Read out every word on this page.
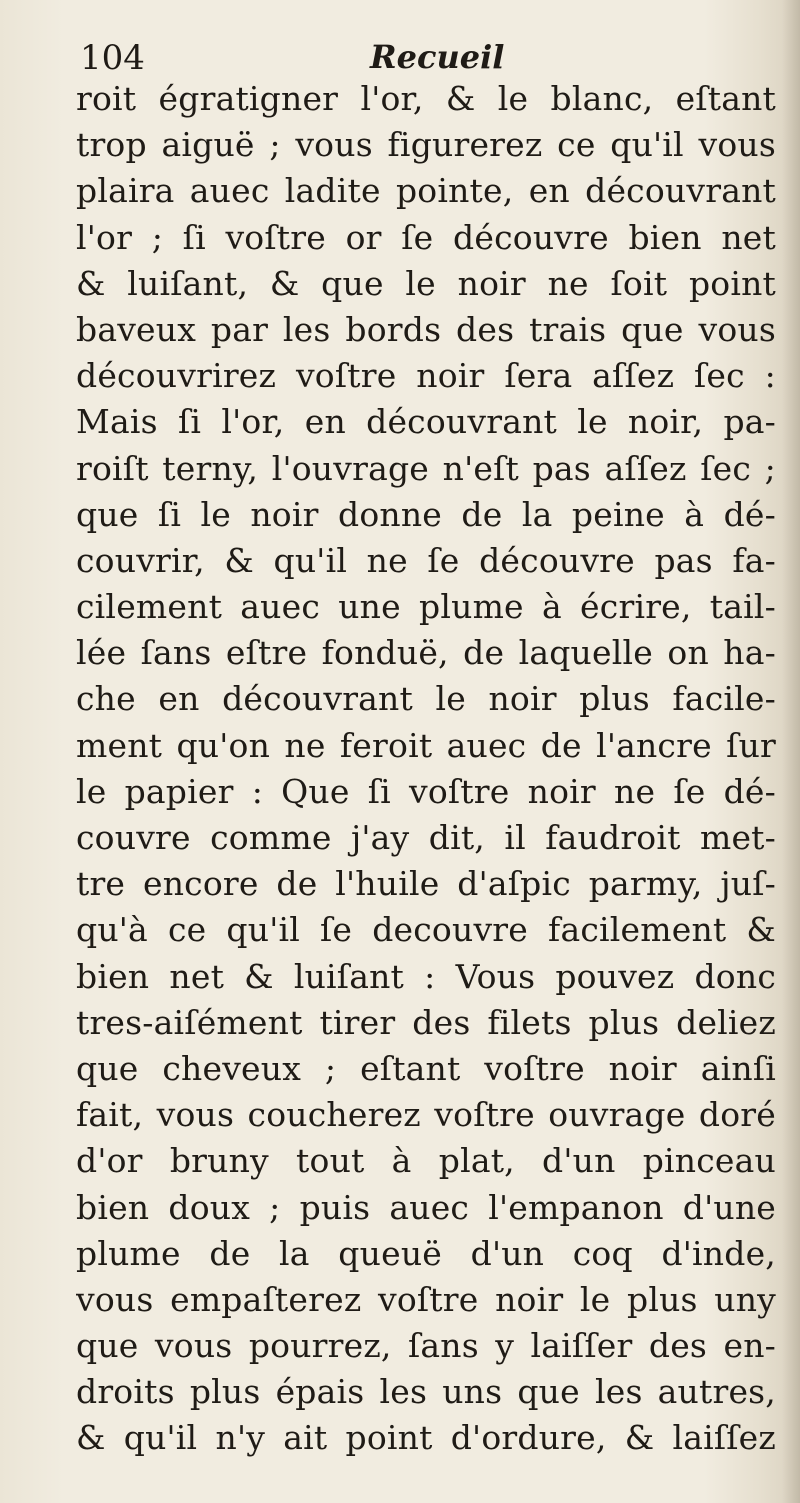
104	Recueil
roit égratigner l'or, & le blanc, eſtant
trop aiguë ; vous figurerez ce qu'il vous
plaira auec ladite pointe, en découvrant
l'or ; ſi voſtre or ſe découvre bien net
& luiſant, & que le noir ne ſoit point
baveux par les bords des trais que vous
découvrirez voſtre noir ſera aſſez ſec :
Mais ſi l'or, en découvrant le noir, pa-
roiſt terny, l'ouvrage n'eſt pas aſſez ſec ;
que ſi le noir donne de la peine à dé-
couvrir, & qu'il ne ſe découvre pas fa-
cilement auec une plume à écrire, tail-
lée ſans eſtre fonduë, de laquelle on ha-
che en découvrant le noir plus facile-
ment qu'on ne feroit auec de l'ancre ſur
le papier : Que ſi voſtre noir ne ſe dé-
couvre comme j'ay dit, il faudroit met-
tre encore de l'huile d'aſpic parmy, juſ-
qu'à ce qu'il ſe decouvre facilement &
bien net & luiſant : Vous pouvez donc
tres-aiſément tirer des filets plus deliez
que cheveux ; eſtant voſtre noir ainſi
fait, vous coucherez voſtre ouvrage doré
d'or bruny tout à plat, d'un pinceau
bien doux ; puis auec l'empanon d'une
plume de la queuë d'un coq d'inde,
vous empaſterez voſtre noir le plus uny
que vous pourrez, ſans y laiſſer des en-
droits plus épais les uns que les autres,
& qu'il n'y ait point d'ordure, & laiſſez
